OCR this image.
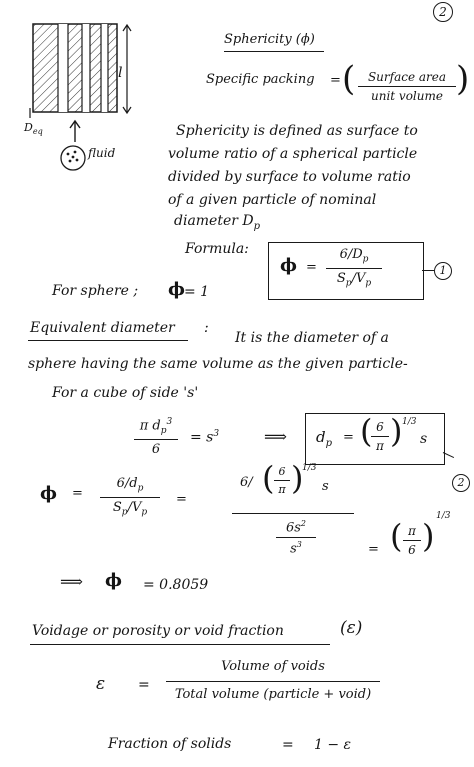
2
l
$D_{eq}$
fluid
Sphericity (ϕ)
Specific packing = (	Surface area
unit volume )
Sphericity is defined as surface to
volume ratio of a spherical particle
divided by surface to volume ratio
of a given particle of nominal
diameter $D_p$
Formula:
ϕ =
$6/D_p$
$S_p/V_p$
1
For sphere ; ϕ = 1
Equivalent diameter :
It is the diameter of a
sphere having the same volume as the given particle-
For a cube of side 's'
π $d_p^3$
6
= $s^3$	⟹ $d_p$ = ( 6
π ) 1/3
s
2
ϕ =
$6/d_p$
$S_p/V_p$
=
6/ ( 6
π )
1/3
s
$6s^2$
$s^3$	= ( π
6 )
1/3
⟹ ϕ = 0.8059
Voidage or porosity or void fraction	(ε)
ε =
Volume of voids
Total volume (particle + void)
Fraction of solids	= 1 − ε
